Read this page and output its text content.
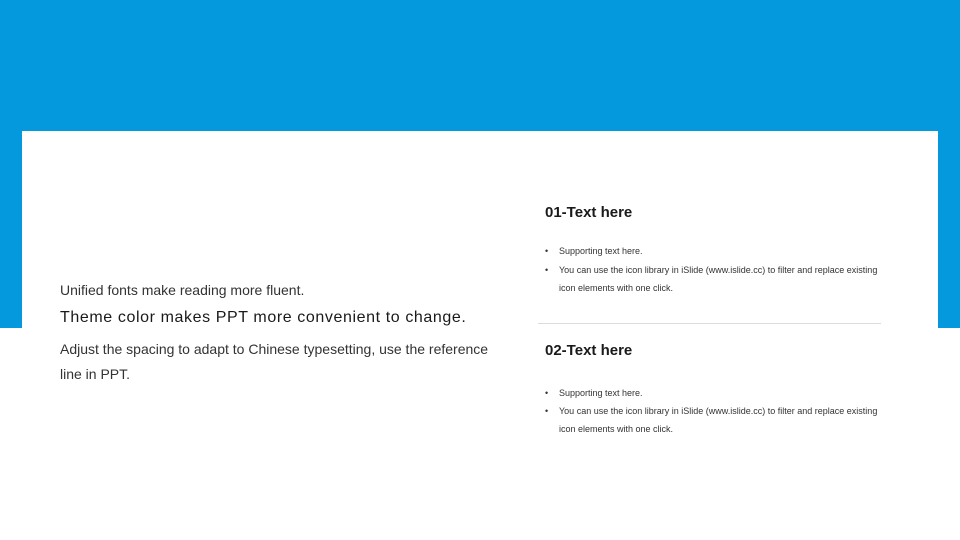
Unified fonts make reading more fluent.
Theme color makes PPT more convenient to change.
Adjust the spacing to adapt to Chinese typesetting, use the reference line in PPT.
01-Text here
• Supporting text here.
• You can use the icon library in iSlide (www.islide.cc) to filter and replace existing icon elements with one click.
02-Text here
• Supporting text here.
• You can use the icon library in iSlide (www.islide.cc) to filter and replace existing icon elements with one click.
